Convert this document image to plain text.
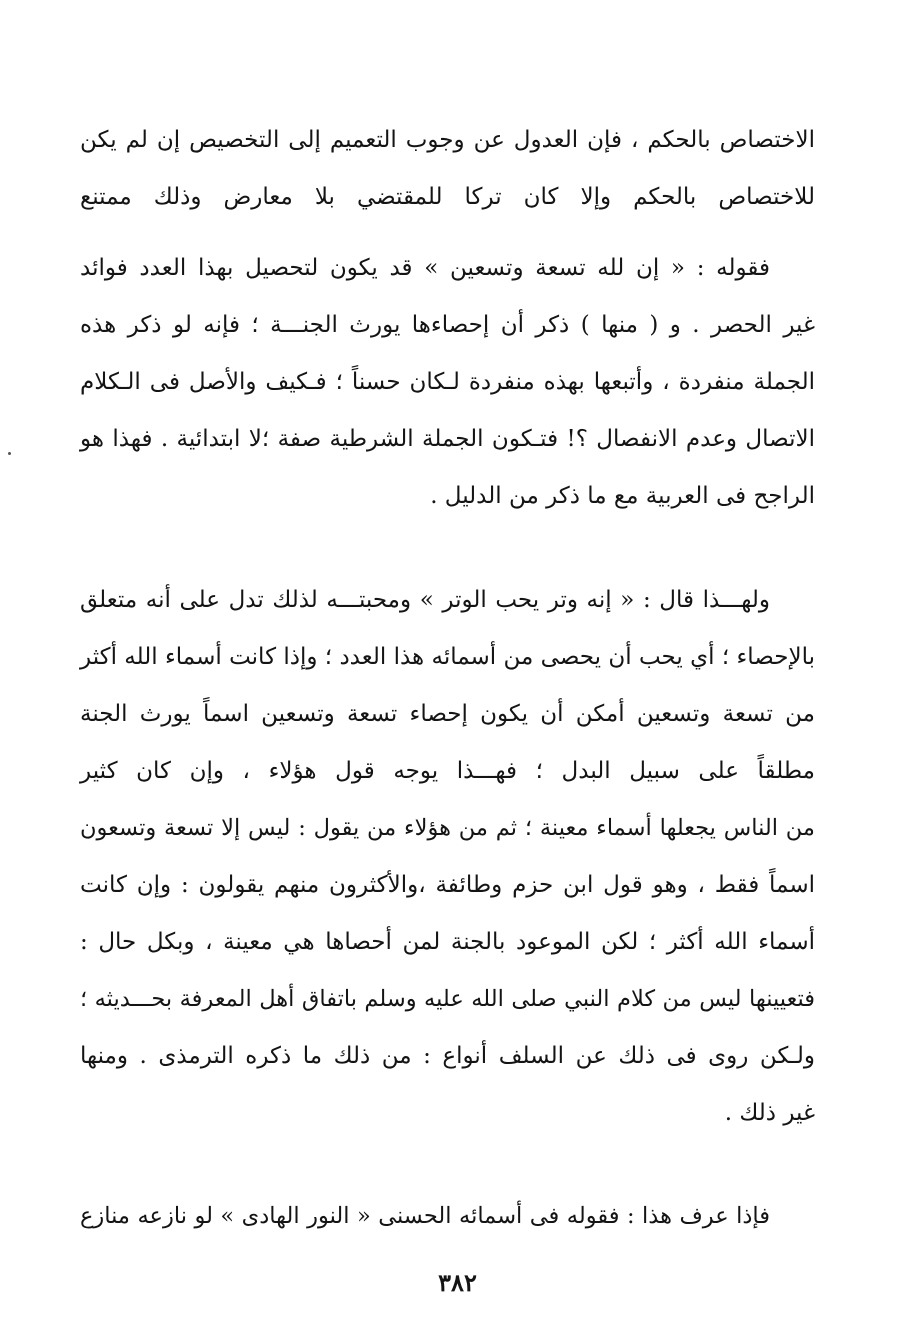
الاختصاص بالحكم ، فإن العدول عن وجوب التعميم إلى التخصيص إن لم يكن
للاختصاص بالحكم وإلا كان تركا للمقتضي بلا معارض وذلك ممتنع
فقوله : « إن لله تسعة وتسعين » قد يكون لتحصيل بهذا العدد فوائد
غير الحصر . و ( منها ) ذكر أن إحصاءها يورث الجنـــة ؛ فإنه لو ذكر هذه
الجملة منفردة ، وأتبعها بهذه منفردة لـكان حسناً ؛ فـكيف والأصل فى الـكلام
الاتصال وعدم الانفصال ؟! فتـكون الجملة الشرطية صفة ؛لا ابتدائية . فهذا هو
الراجح فى العربية مع ما ذكر من الدليل .
ولهـــذا قال : « إنه وتر يحب الوتر » ومحبتـــه لذلك تدل على أنه متعلق
بالإحصاء ؛ أي يحب أن يحصى من أسمائه هذا العدد ؛ وإذا كانت أسماء الله أكثر
من تسعة وتسعين أمكن أن يكون إحصاء تسعة وتسعين اسماً يورث الجنة
مطلقاً على سبيل البدل ؛ فهـــذا يوجه قول هؤلاء ، وإن كان كثير
من الناس يجعلها أسماء معينة ؛ ثم من هؤلاء من يقول : ليس إلا تسعة وتسعون
اسماً فقط ، وهو قول ابن حزم وطائفة ،والأكثرون منهم يقولون : وإن كانت
أسماء الله أكثر ؛ لكن الموعود بالجنة لمن أحصاها هي معينة ، وبكل حال :
فتعيينها ليس من كلام النبي صلى الله عليه وسلم باتفاق أهل المعرفة بحـــديثه ؛
ولـكن روى فى ذلك عن السلف أنواع : من ذلك ما ذكره الترمذى . ومنها
غير ذلك .
فإذا عرف هذا : فقوله فى أسمائه الحسنى « النور الهادى » لو نازعه منازع
٣٨٢
